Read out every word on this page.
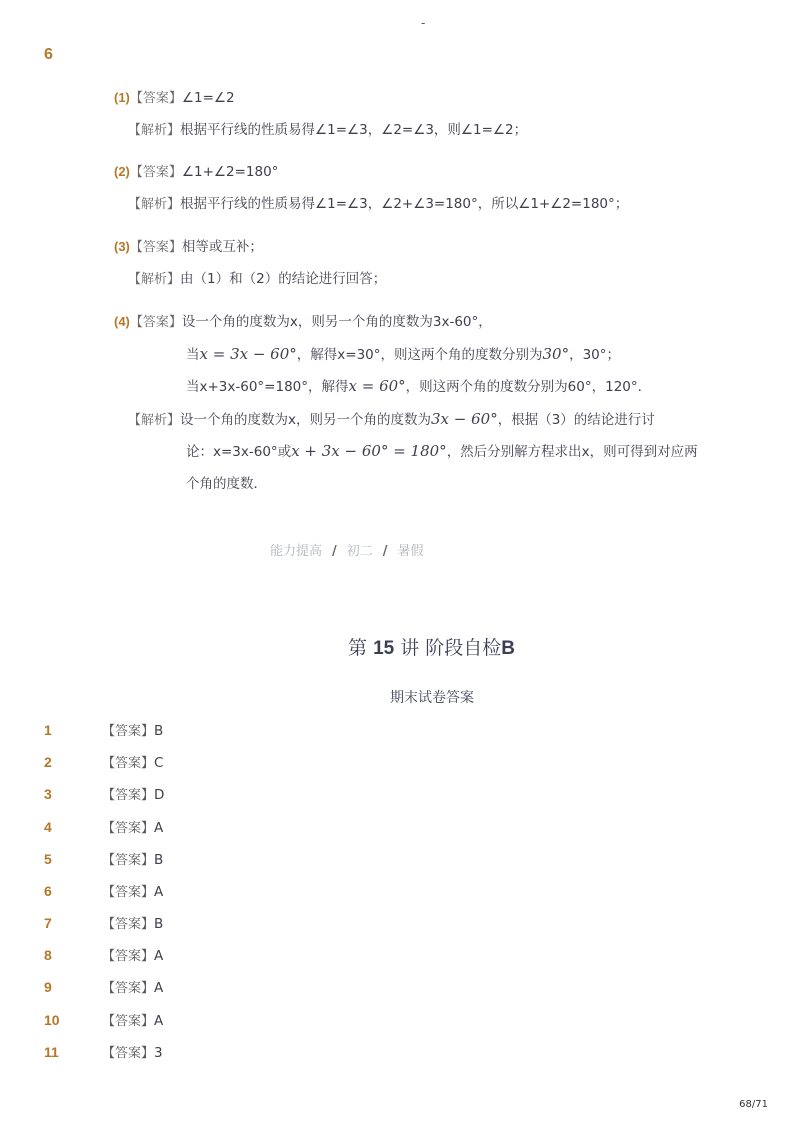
-
6
(1)【答案】∠1=∠2
【解析】根据平行线的性质易得∠1=∠3，∠2=∠3，则∠1=∠2；
(2)【答案】∠1+∠2=180°
【解析】根据平行线的性质易得∠1=∠3，∠2+∠3=180°，所以∠1+∠2=180°；
(3)【答案】相等或互补；
【解析】由（1）和（2）的结论进行回答；
(4)【答案】设一个角的度数为x，则另一个角的度数为3x-60°，
当x = 3x − 60°，解得x=30°，则这两个角的度数分别为30°，30°；
当x+3x-60°=180°，解得x = 60°，则这两个角的度数分别为60°，120°．
【解析】设一个角的度数为x，则另一个角的度数为3x − 60°，根据（3）的结论进行讨
论：x=3x-60°或x + 3x − 60° = 180°，然后分别解方程求出x，则可得到对应两
个角的度数．
能力提高 / 初二 / 暑假
第 15 讲 阶段自检B
期末试卷答案
1	【答案】B
2	【答案】C
3	【答案】D
4	【答案】A
5	【答案】B
6	【答案】A
7	【答案】B
8	【答案】A
9	【答案】A
10	【答案】A
11	【答案】3
68/71
